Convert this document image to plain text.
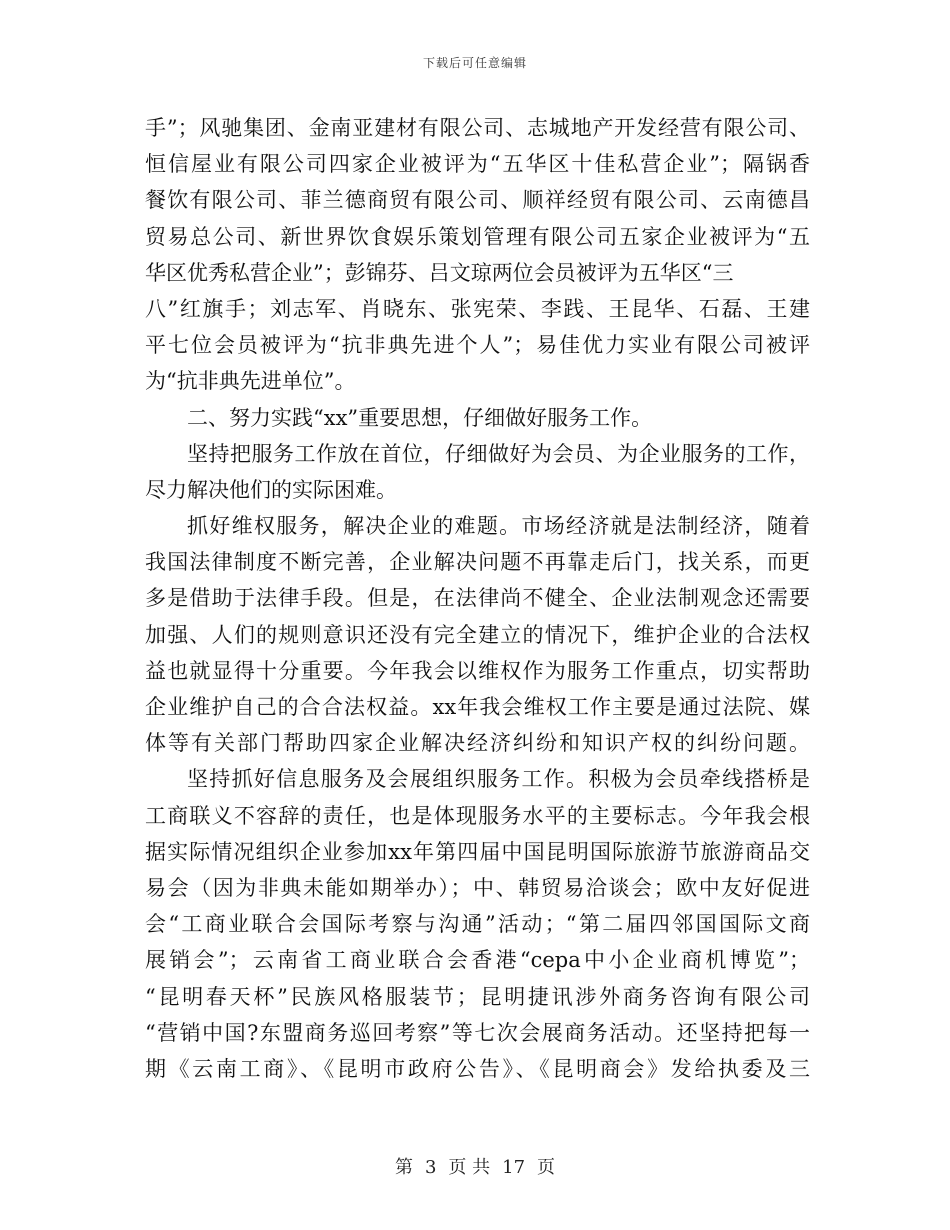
下载后可任意编辑
手”；风驰集团、金南亚建材有限公司、志城地产开发经营有限公司、
恒信屋业有限公司四家企业被评为“五华区十佳私营企业”；隔锅香
餐饮有限公司、菲兰德商贸有限公司、顺祥经贸有限公司、云南德昌
贸易总公司、新世界饮食娱乐策划管理有限公司五家企业被评为“五
华区优秀私营企业”；彭锦芬、吕文琼两位会员被评为五华区“三
八”红旗手；刘志军、肖晓东、张宪荣、李践、王昆华、石磊、王建
平七位会员被评为“抗非典先进个人”；易佳优力实业有限公司被评
为“抗非典先进单位”。
二、努力实践“xx”重要思想，仔细做好服务工作。
坚持把服务工作放在首位，仔细做好为会员、为企业服务的工作，
尽力解决他们的实际困难。
抓好维权服务，解决企业的难题。市场经济就是法制经济，随着
我国法律制度不断完善，企业解决问题不再靠走后门，找关系，而更
多是借助于法律手段。但是，在法律尚不健全、企业法制观念还需要
加强、人们的规则意识还没有完全建立的情况下，维护企业的合法权
益也就显得十分重要。今年我会以维权作为服务工作重点，切实帮助
企业维护自己的合合法权益。xx年我会维权工作主要是通过法院、媒
体等有关部门帮助四家企业解决经济纠纷和知识产权的纠纷问题。
坚持抓好信息服务及会展组织服务工作。积极为会员牵线搭桥是
工商联义不容辞的责任，也是体现服务水平的主要标志。今年我会根
据实际情况组织企业参加xx年第四届中国昆明国际旅游节旅游商品交
易会（因为非典未能如期举办）；中、韩贸易洽谈会；欧中友好促进
会“工商业联合会国际考察与沟通”活动；“第二届四邻国国际文商
展销会”；云南省工商业联合会香港“cepa中小企业商机博览”；
“昆明春天杯”民族风格服装节；昆明捷讯涉外商务咨询有限公司
“营销中国?东盟商务巡回考察”等七次会展商务活动。还坚持把每一
期《云南工商》、《昆明市政府公告》、《昆明商会》发给执委及三
第 3 页 共 17 页
